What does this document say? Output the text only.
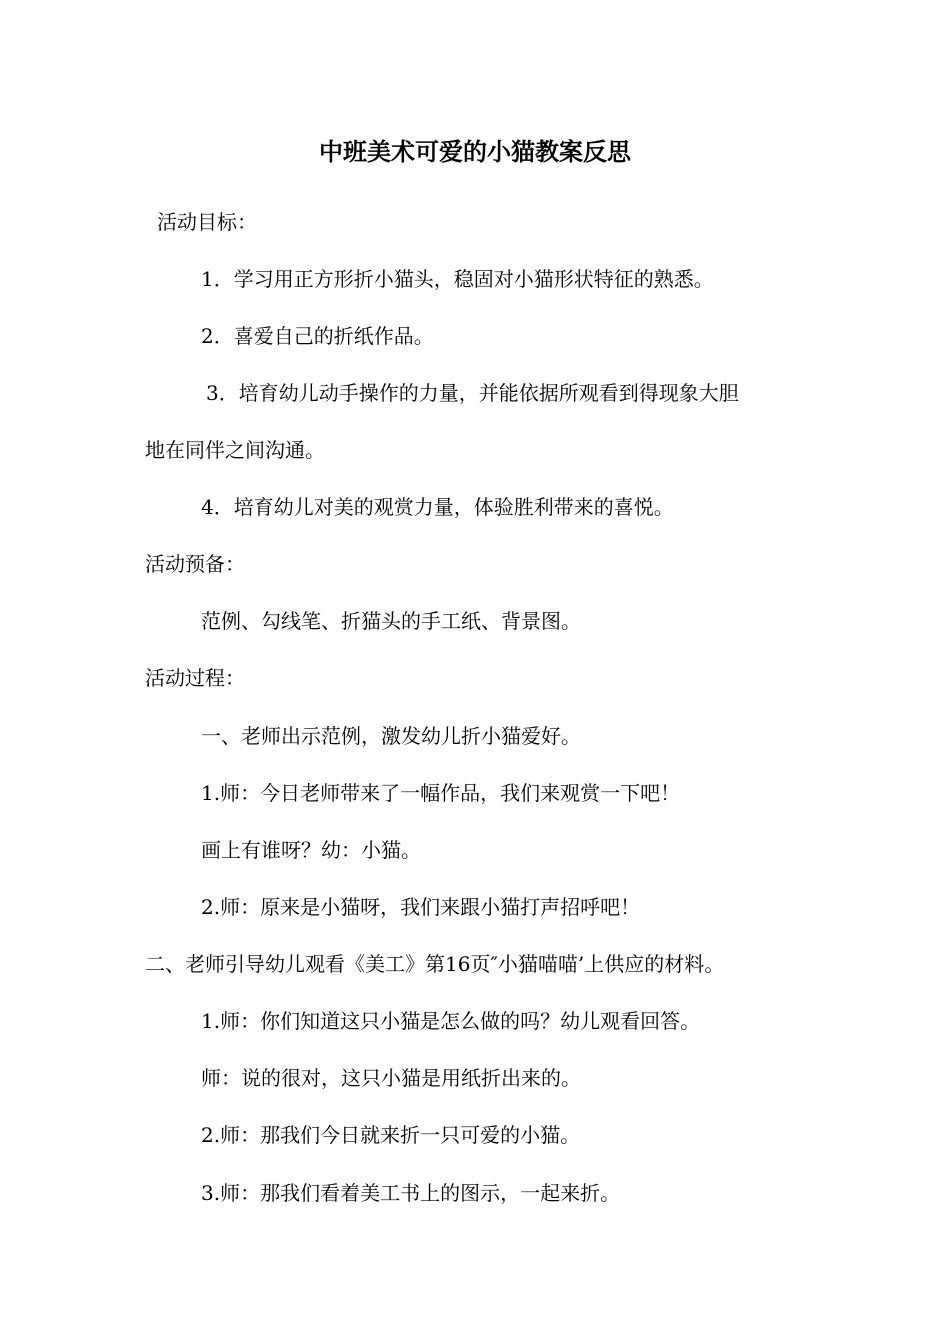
中班美术可爱的小猫教案反思
活动目标：
1．学习用正方形折小猫头，稳固对小猫形状特征的熟悉。
2．喜爱自己的折纸作品。
3．培育幼儿动手操作的力量，并能依据所观看到得现象大胆
地在同伴之间沟通。
4．培育幼儿对美的观赏力量，体验胜利带来的喜悦。
活动预备：
范例、勾线笔、折猫头的手工纸、背景图。
活动过程：
一、老师出示范例，激发幼儿折小猫爱好。
1.师：今日老师带来了一幅作品，我们来观赏一下吧！
画上有谁呀？幼：小猫。
2.师：原来是小猫呀，我们来跟小猫打声招呼吧！
二、老师引导幼儿观看《美工》第16页″小猫喵喵’上供应的材料。
1.师：你们知道这只小猫是怎么做的吗？幼儿观看回答。
师：说的很对，这只小猫是用纸折出来的。
2.师：那我们今日就来折一只可爱的小猫。
3.师：那我们看着美工书上的图示，一起来折。
